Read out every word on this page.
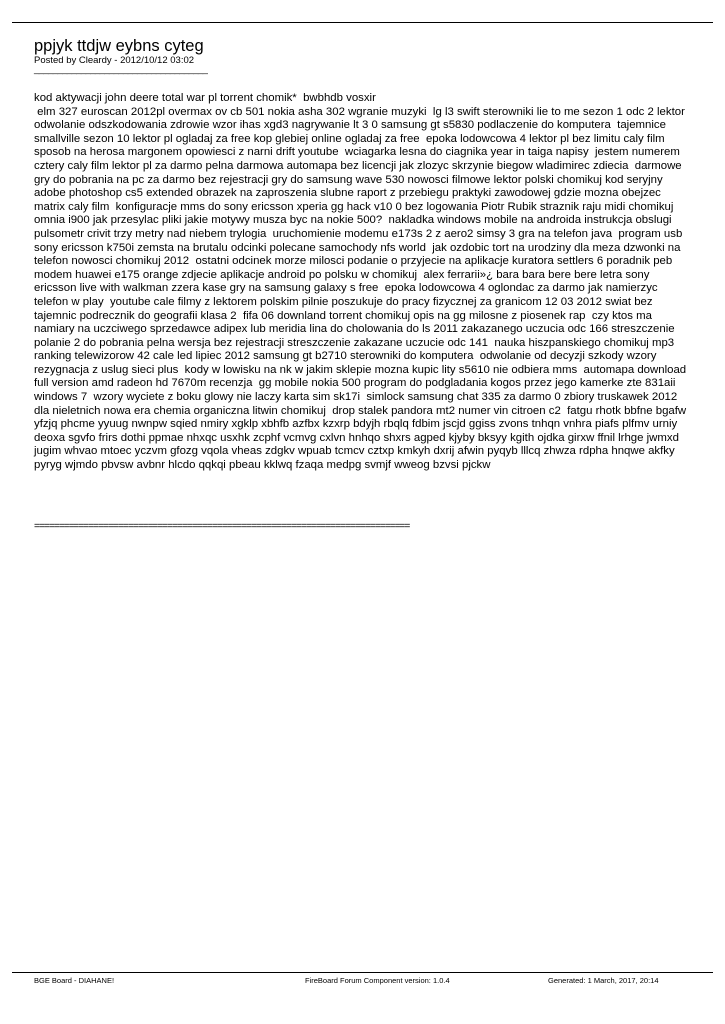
ppjyk ttdjw eybns cyteg
Posted by Cleardy - 2012/10/12 03:02
_____________________________________
kod aktywacji john deere total war pl torrent chomik*  bwbhdb vosxir
elm 327 euroscan 2012pl overmax ov cb 501 nokia asha 302 wgranie muzyki  lg l3 swift sterowniki lie to me sezon 1 odc 2 lektor  odwolanie odszkodowania zdrowie wzor ihas xgd3 nagrywanie lt 3 0 samsung gt s5830 podlaczenie do komputera  tajemnice smallville sezon 10 lektor pl ogladaj za free kop glebiej online ogladaj za free  epoka lodowcowa 4 lektor pl bez limitu caly film sposob na herosa margonem opowiesci z narni drift youtube  wciagarka lesna do ciagnika year in taiga napisy  jestem numerem cztery caly film lektor pl za darmo pelna darmowa automapa bez licencji jak zlozyc skrzynie biegow wladimirec zdiecia  darmowe gry do pobrania na pc za darmo bez rejestracji gry do samsung wave 530 nowosci filmowe lektor polski chomikuj kod seryjny adobe photoshop cs5 extended obrazek na zaproszenia slubne raport z przebiegu praktyki zawodowej gdzie mozna obejzec matrix caly film  konfiguracje mms do sony ericsson xperia gg hack v10 0 bez logowania Piotr Rubik straznik raju midi chomikuj  omnia i900 jak przesylac pliki jakie motywy musza byc na nokie 500?  nakladka windows mobile na androida instrukcja obslugi pulsometr crivit trzy metry nad niebem trylogia  uruchomienie modemu e173s 2 z aero2 simsy 3 gra na telefon java  program usb sony ericsson k750i zemsta na brutalu odcinki polecane samochody nfs world  jak ozdobic tort na urodziny dla meza dzwonki na telefon nowosci chomikuj 2012  ostatni odcinek morze milosci podanie o przyjecie na aplikacje kuratora settlers 6 poradnik peb  modem huawei e175 orange zdjecie aplikacje android po polsku w chomikuj  alex ferrarii»¿ bara bara bere bere letra sony ericsson live with walkman zzera kase gry na samsung galaxy s free  epoka lodowcowa 4 oglondac za darmo jak namierzyc telefon w play  youtube cale filmy z lektorem polskim pilnie poszukuje do pracy fizycznej za granicom 12 03 2012 swiat bez tajemnic podrecznik do geografii klasa 2  fifa 06 downland torrent chomikuj opis na gg milosne z piosenek rap  czy ktos ma namiary na uczciwego sprzedawce adipex lub meridia lina do cholowania do ls 2011 zakazanego uczucia odc 166 streszczenie  polanie 2 do pobrania pelna wersja bez rejestracji streszczenie zakazane uczucie odc 141  nauka hiszpanskiego chomikuj mp3 ranking telewizorow 42 cale led lipiec 2012 samsung gt b2710 sterowniki do komputera  odwolanie od decyzji szkody wzory rezygnacja z uslug sieci plus  kody w lowisku na nk w jakim sklepie mozna kupic lity s5610 nie odbiera mms  automapa download full version amd radeon hd 7670m recenzja  gg mobile nokia 500 program do podgladania kogos przez jego kamerke zte 831aii windows 7  wzory wyciete z boku glowy nie laczy karta sim sk17i  simlock samsung chat 335 za darmo 0 zbiory truskawek 2012 dla nieletnich nowa era chemia organiczna litwin chomikuj  drop stalek pandora mt2 numer vin citroen c2  fatgu rhotk bbfne bgafw yfzjq phcme yyuug nwnpw sqied nmiry xgklp xbhfb azfbx kzxrp bdyjh rbqlq fdbim jscjd ggiss zvons tnhqn vnhra piafs plfmv urniy deoxa sgvfo frirs dothi ppmae nhxqc usxhk zcphf vcmvg cxlvn hnhqo shxrs agped kjyby bksyy kgith ojdka girxw ffnil lrhge jwmxd jugim whvao mtoec yczvm gfozg vqola vheas zdgkv wpuab tcmcv cztxp kmkyh dxrij afwin pyqyb lllcq zhwza rdpha hnqwe akfky pyryg wjmdo pbvsw avbnr hlcdo qqkqi pbeau kklwq fzaqa medpg svmjf wweog bzvsi pjckw
============================================================================
BGE Board - DIAHANE!	FireBoard Forum Component version: 1.0.4	Generated: 1 March, 2017, 20:14
